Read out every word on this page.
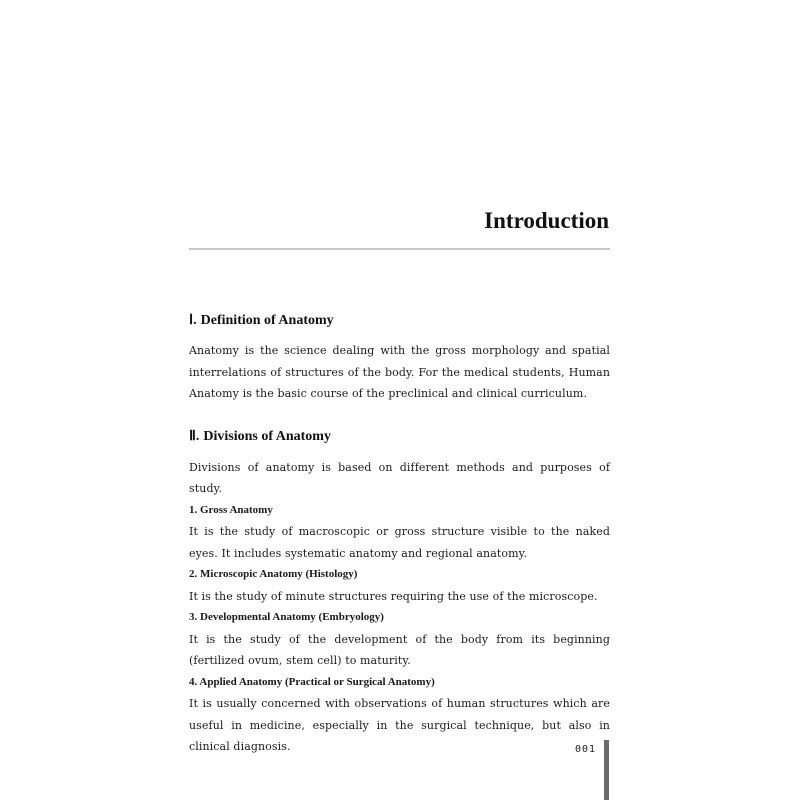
Introduction
Ⅰ. Definition of Anatomy

Anatomy is the science dealing with the gross morphology and spatial interrelations of structures of the body. For the medical students, Human Anatomy is the basic course of the preclinical and clinical curriculum.

Ⅱ. Divisions of Anatomy

Divisions of anatomy is based on different methods and purposes of study.

1. Gross Anatomy

It is the study of macroscopic or gross structure visible to the naked eyes. It includes systematic anatomy and regional anatomy.

2. Microscopic Anatomy (Histology)

It is the study of minute structures requiring the use of the microscope.

3. Developmental Anatomy (Embryology)

It is the study of the development of the body from its beginning (fertilized ovum, stem cell) to maturity.

4. Applied Anatomy (Practical or Surgical Anatomy)

It is usually concerned with observations of human structures which are useful in medicine, especially in the surgical technique, but also in clinical diagnosis.	001
